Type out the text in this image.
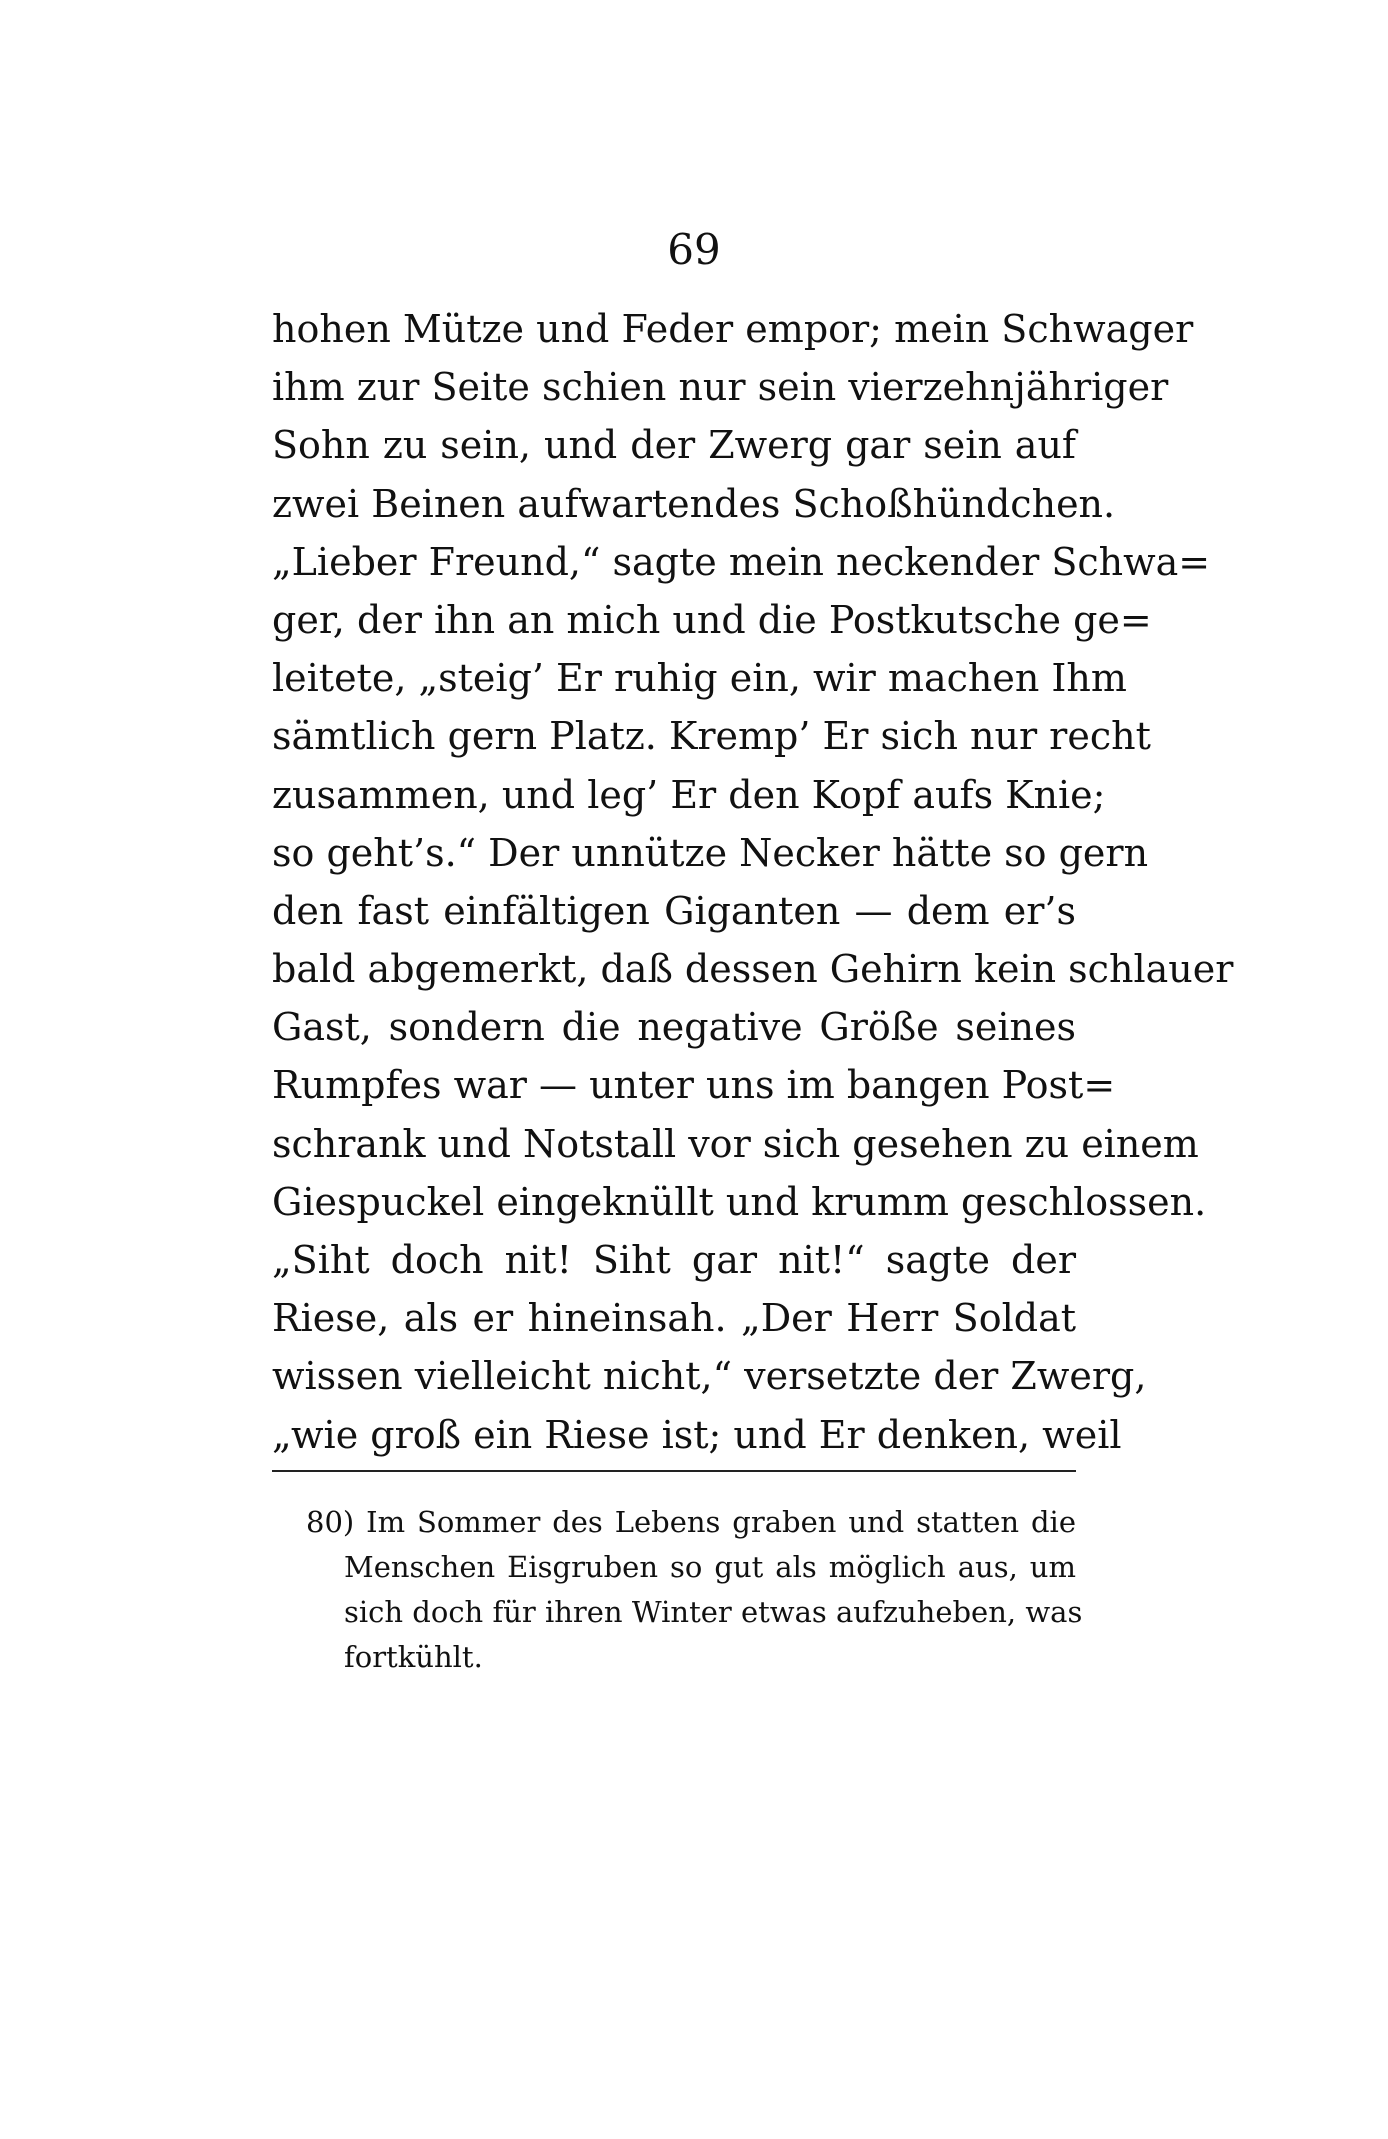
69
hohen Mütze und Feder empor; mein Schwager
ihm zur Seite schien nur sein vierzehnjähriger
Sohn zu sein, und der Zwerg gar sein auf
zwei Beinen aufwartendes Schoßhündchen.
„Lieber Freund,“ sagte mein neckender Schwa=
ger, der ihn an mich und die Postkutsche ge=
leitete, „steig’ Er ruhig ein, wir machen Ihm
sämtlich gern Platz. Kremp’ Er sich nur recht
zusammen, und leg’ Er den Kopf aufs Knie;
so geht’s.“ Der unnütze Necker hätte so gern
den fast einfältigen Giganten — dem er’s
bald abgemerkt, daß dessen Gehirn kein schlauer
Gast, sondern die negative Größe seines
Rumpfes war — unter uns im bangen Post=
schrank und Notstall vor sich gesehen zu einem
Giespuckel eingeknüllt und krumm geschlossen.
„Siht doch nit! Siht gar nit!“ sagte der
Riese, als er hineinsah. „Der Herr Soldat
wissen vielleicht nicht,“ versetzte der Zwerg,
„wie groß ein Riese ist; und Er denken, weil
80) Im Sommer des Lebens graben und statten die
Menschen Eisgruben so gut als möglich aus, um
sich doch für ihren Winter etwas aufzuheben, was
fortkühlt.
